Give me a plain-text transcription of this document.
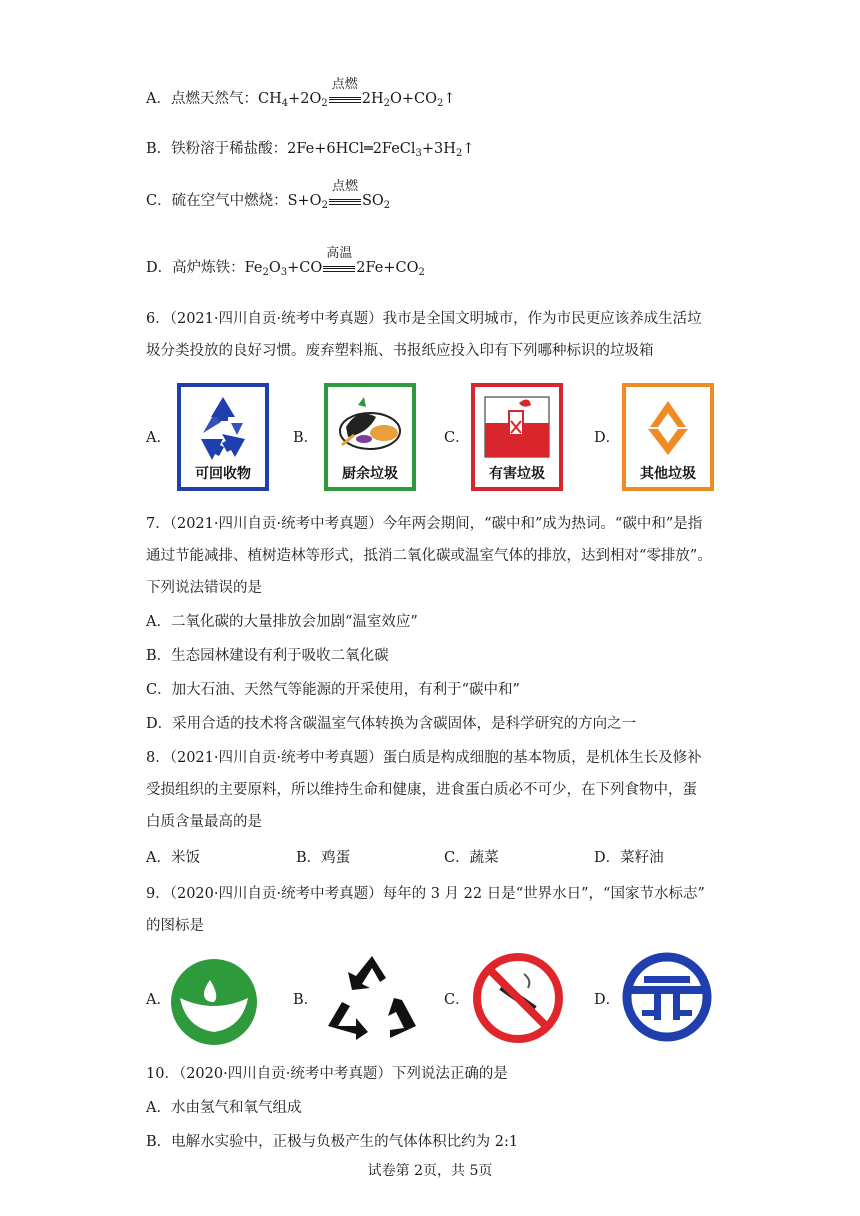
A．点燃天然气：$CH_4+2O_2$
点燃
$2H_2O+CO_2↑$
B．铁粉溶于稀盐酸：$2Fe+6HCl═2FeCl_3+3H_2↑$
C．硫在空气中燃烧：$S+O_2$
点燃
$SO_2$
D．高炉炼铁：$Fe_2O_3+CO$
高温
$2Fe+CO_2$
6．（2021·四川自贡·统考中考真题）我市是全国文明城市，作为市民更应该养成生活垃
圾分类投放的良好习惯。废弃塑料瓶、书报纸应投入印有下列哪种标识的垃圾箱
A．
可回收物
B．
厨余垃圾
C．
有害垃圾
D．
其他垃圾
7．（2021·四川自贡·统考中考真题）今年两会期间，“碳中和”成为热词。“碳中和”是指
通过节能减排、植树造林等形式，抵消二氧化碳或温室气体的排放，达到相对“零排放”。
下列说法错误的是
A．二氧化碳的大量排放会加剧“温室效应”
B．生态园林建设有利于吸收二氧化碳
C．加大石油、天然气等能源的开采使用，有利于“碳中和”
D．采用合适的技术将含碳温室气体转换为含碳固体，是科学研究的方向之一
8．（2021·四川自贡·统考中考真题）蛋白质是构成细胞的基本物质，是机体生长及修补
受损组织的主要原料，所以维持生命和健康，进食蛋白质必不可少，在下列食物中，蛋
白质含量最高的是
A．米饭	B．鸡蛋	C．蔬菜	D．菜籽油
9．（2020·四川自贡·统考中考真题）每年的 3 月 22 日是“世界水日”，“国家节水标志”
的图标是
A．	B．	C．	D．
10．（2020·四川自贡·统考中考真题）下列说法正确的是
A．水由氢气和氧气组成
B．电解水实验中，正极与负极产生的气体体积比约为 2:1
试卷第 2页，共 5页
